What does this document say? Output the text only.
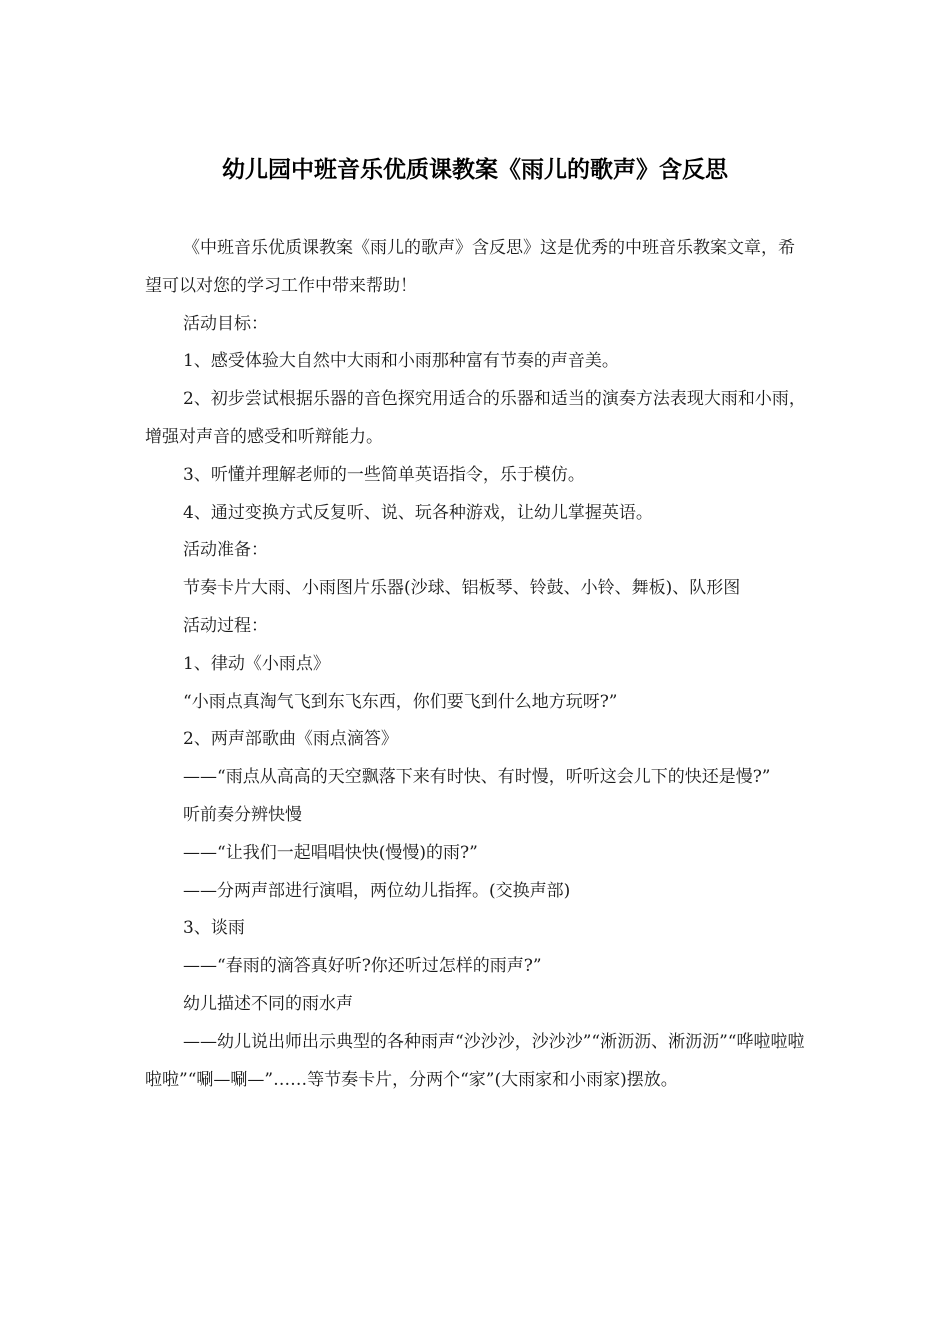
幼儿园中班音乐优质课教案《雨儿的歌声》含反思

《中班音乐优质课教案《雨儿的歌声》含反思》这是优秀的中班音乐教案文章，希望可以对您的学习工作中带来帮助！

活动目标：

1、感受体验大自然中大雨和小雨那种富有节奏的声音美。

2、初步尝试根据乐器的音色探究用适合的乐器和适当的演奏方法表现大雨和小雨，增强对声音的感受和听辩能力。

3、听懂并理解老师的一些简单英语指令，乐于模仿。

4、通过变换方式反复听、说、玩各种游戏，让幼儿掌握英语。

活动准备：

节奏卡片大雨、小雨图片乐器(沙球、铝板琴、铃鼓、小铃、舞板)、队形图

活动过程：

1、律动《小雨点》

“小雨点真淘气飞到东飞东西，你们要飞到什么地方玩呀?”

2、两声部歌曲《雨点滴答》

——“雨点从高高的天空飘落下来有时快、有时慢，听听这会儿下的快还是慢?”

听前奏分辨快慢

——“让我们一起唱唱快快(慢慢)的雨?”

——分两声部进行演唱，两位幼儿指挥。(交换声部)

3、谈雨

——“春雨的滴答真好听?你还听过怎样的雨声?”

幼儿描述不同的雨水声

——幼儿说出师出示典型的各种雨声“沙沙沙，沙沙沙”“淅沥沥、淅沥沥”“哗啦啦啦啦啦”“唰—唰—”……等节奏卡片，分两个“家”(大雨家和小雨家)摆放。
